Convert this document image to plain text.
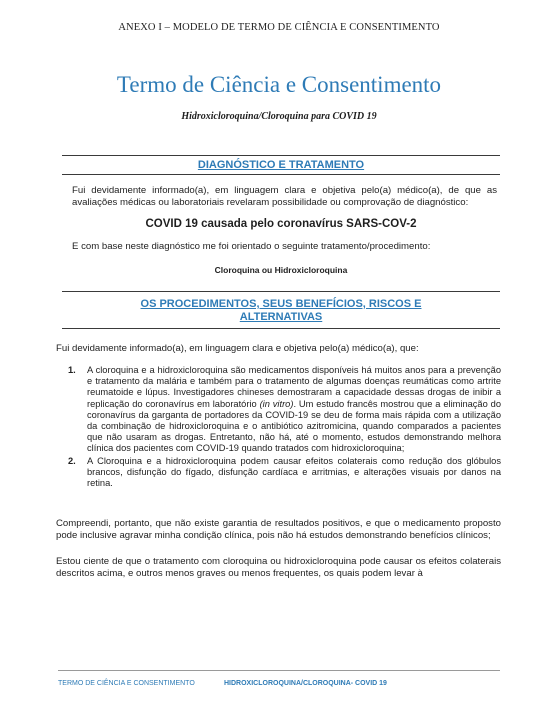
ANEXO I – MODELO DE TERMO DE CIÊNCIA E CONSENTIMENTO
Termo de Ciência e Consentimento
Hidroxicloroquina/Cloroquina para COVID 19
DIAGNÓSTICO E TRATAMENTO
Fui devidamente informado(a), em linguagem clara e objetiva pelo(a) médico(a), de que as avaliações médicas ou laboratoriais revelaram possibilidade ou comprovação de diagnóstico:
COVID 19 causada pelo coronavírus SARS-COV-2
E com base neste diagnóstico me foi orientado o seguinte tratamento/procedimento:
Cloroquina ou Hidroxicloroquina
OS PROCEDIMENTOS, SEUS BENEFÍCIOS, RISCOS E
ALTERNATIVAS
Fui devidamente informado(a), em linguagem clara e objetiva pelo(a) médico(a), que:
1. A cloroquina e a hidroxicloroquina são medicamentos disponíveis há muitos anos para a prevenção e tratamento da malária e também para o tratamento de algumas doenças reumáticas como artrite reumatoide e lúpus. Investigadores chineses demostraram a capacidade dessas drogas de inibir a replicação do coronavírus em laboratório (in vitro). Um estudo francês mostrou que a eliminação do coronavírus da garganta de portadores da COVID-19 se deu de forma mais rápida com a utilização da combinação de hidroxicloroquina e o antibiótico azitromicina, quando comparados a pacientes que não usaram as drogas. Entretanto, não há, até o momento, estudos demonstrando melhora clínica dos pacientes com COVID-19 quando tratados com hidroxicloroquina;
2. A Cloroquina e a hidroxicloroquina podem causar efeitos colaterais como redução dos glóbulos brancos, disfunção do fígado, disfunção cardíaca e arritmias, e alterações visuais por danos na retina.
Compreendi, portanto, que não existe garantia de resultados positivos, e que o medicamento proposto pode inclusive agravar minha condição clínica, pois não há estudos demonstrando benefícios clínicos;
Estou ciente de que o tratamento com cloroquina ou hidroxicloroquina pode causar os efeitos colaterais descritos acima, e outros menos graves ou menos frequentes, os quais podem levar à
TERMO DE CIÊNCIA E CONSENTIMENTO	HIDROXICLOROQUINA/CLOROQUINA- COVID 19
